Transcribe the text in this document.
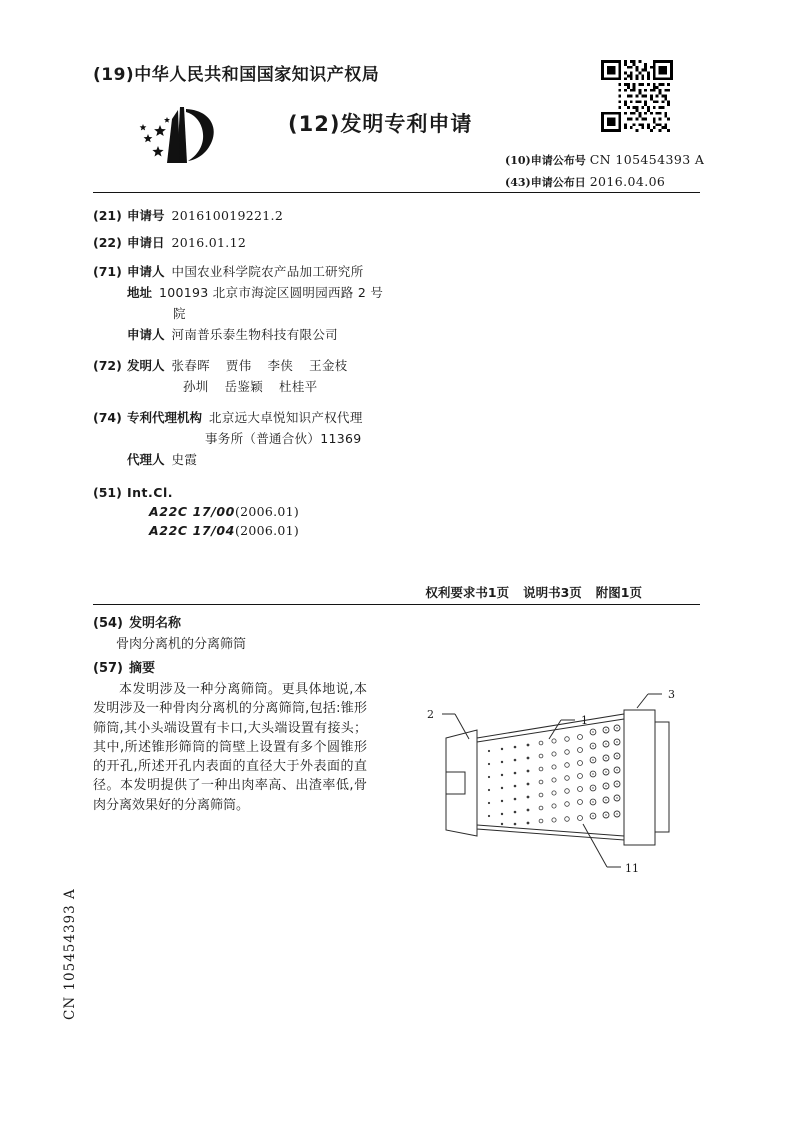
(19)中华人民共和国国家知识产权局
(12)发明专利申请
(10)申请公布号 CN 105454393 A
(43)申请公布日 2016.04.06
(21) 申请号 201610019221.2
(22) 申请日 2016.01.12
(71) 申请人 中国农业科学院农产品加工研究所
地址 100193 北京市海淀区圆明园西路 2 号
院
申请人 河南普乐泰生物科技有限公司
(72) 发明人 张春晖 贾伟 李侠 王金枝
孙圳 岳鉴颖 杜桂平
(74) 专利代理机构 北京远大卓悦知识产权代理
事务所（普通合伙）11369
代理人 史霞
(51) Int.Cl.
A22C 17/00(2006.01)
A22C 17/04(2006.01)
权利要求书1页 说明书3页 附图1页
(54) 发明名称
骨肉分离机的分离筛筒
(57) 摘要
本发明涉及一种分离筛筒。更具体地说,本发明涉及一种骨肉分离机的分离筛筒,包括:锥形筛筒,其小头端设置有卡口,大头端设置有接头；其中,所述锥形筛筒的筒壁上设置有多个圆锥形的开孔,所述开孔内表面的直径大于外表面的直径。本发明提供了一种出肉率高、出渣率低,骨肉分离效果好的分离筛筒。
1
2
3
11
CN 105454393 A
